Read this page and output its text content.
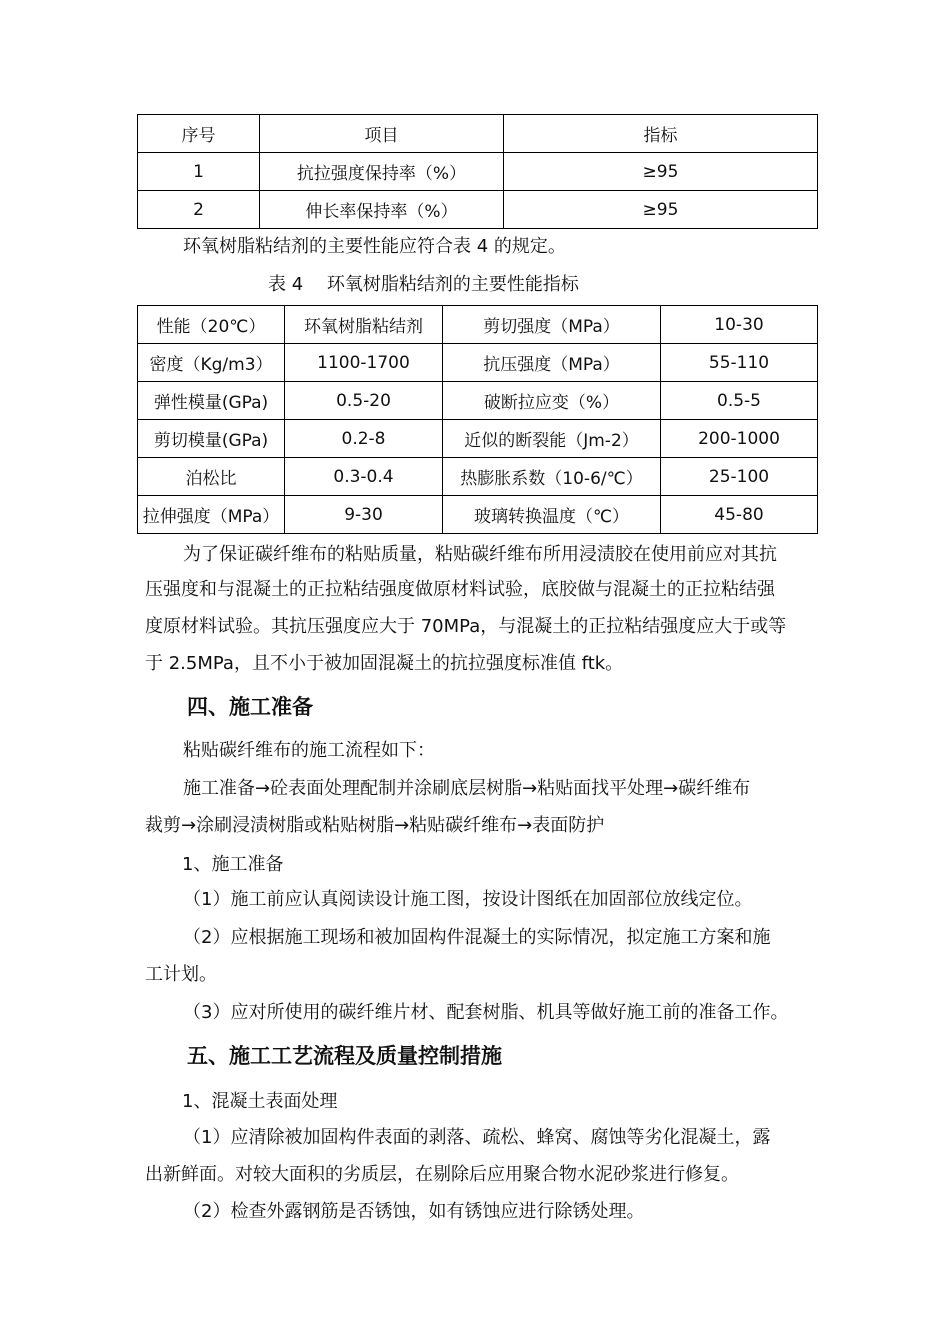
序号	项目	指标
1	抗拉强度保持率（%）	≥95
2	伸长率保持率（%）	≥95
环氧树脂粘结剂的主要性能应符合表 4 的规定。
表 4　 环氧树脂粘结剂的主要性能指标
性能（20℃）	环氧树脂粘结剂	剪切强度（MPa）	10-30
密度（Kg/m3）	1100-1700	抗压强度（MPa）	55-110
弹性模量(GPa)	0.5-20	破断拉应变（%）	0.5-5
剪切模量(GPa)	0.2-8	近似的断裂能（Jm-2）	200-1000
泊松比	0.3-0.4	热膨胀系数（10-6/℃）	25-100
拉伸强度（MPa）	9-30	玻璃转换温度（℃）	45-80
为了保证碳纤维布的粘贴质量，粘贴碳纤维布所用浸渍胶在使用前应对其抗
压强度和与混凝土的正拉粘结强度做原材料试验，底胶做与混凝土的正拉粘结强
度原材料试验。其抗压强度应大于 70MPa，与混凝土的正拉粘结强度应大于或等
于 2.5MPa，且不小于被加固混凝土的抗拉强度标准值 ftk。
四、施工准备
粘贴碳纤维布的施工流程如下：
施工准备→砼表面处理配制并涂刷底层树脂→粘贴面找平处理→碳纤维布
裁剪→涂刷浸渍树脂或粘贴树脂→粘贴碳纤维布→表面防护
1、施工准备
（1）施工前应认真阅读设计施工图，按设计图纸在加固部位放线定位。
（2）应根据施工现场和被加固构件混凝土的实际情况，拟定施工方案和施
工计划。
（3）应对所使用的碳纤维片材、配套树脂、机具等做好施工前的准备工作。
五、施工工艺流程及质量控制措施
1、混凝土表面处理
（1）应清除被加固构件表面的剥落、疏松、蜂窝、腐蚀等劣化混凝土，露
出新鲜面。对较大面积的劣质层，在剔除后应用聚合物水泥砂浆进行修复。
（2）检查外露钢筋是否锈蚀，如有锈蚀应进行除锈处理。
